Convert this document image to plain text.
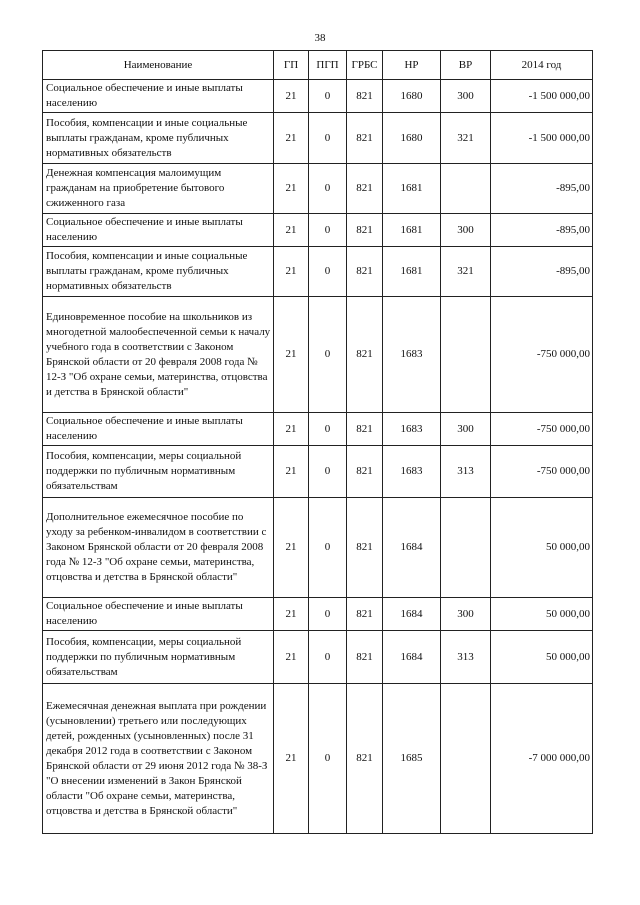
38
Наименование	ГП	ПГП	ГРБС	НР	ВР	2014 год
Социальное обеспечение и иные выплаты населению	21	0	821	1680	300	-1 500 000,00
Пособия, компенсации и иные социальные выплаты гражданам, кроме публичных нормативных обязательств	21	0	821	1680	321	-1 500 000,00
Денежная компенсация малоимущим гражданам на приобретение бытового сжиженного газа	21	0	821	1681		-895,00
Социальное обеспечение и иные выплаты населению	21	0	821	1681	300	-895,00
Пособия, компенсации и иные социальные выплаты гражданам, кроме публичных нормативных обязательств	21	0	821	1681	321	-895,00
Единовременное пособие на школьников из многодетной малообеспеченной семьи к началу учебного года в соответствии с Законом Брянской области от 20 февраля 2008 года № 12-З "Об охране семьи, материнства, отцовства и детства в Брянской области"	21	0	821	1683		-750 000,00
Социальное обеспечение и иные выплаты населению	21	0	821	1683	300	-750 000,00
Пособия, компенсации, меры социальной поддержки по публичным нормативным обязательствам	21	0	821	1683	313	-750 000,00
Дополнительное ежемесячное пособие по уходу за ребенком-инвалидом в соответствии с Законом Брянской области от 20 февраля 2008 года № 12-З "Об охране семьи, материнства, отцовства и детства в Брянской области"	21	0	821	1684		50 000,00
Социальное обеспечение и иные выплаты населению	21	0	821	1684	300	50 000,00
Пособия, компенсации, меры социальной поддержки по публичным нормативным обязательствам	21	0	821	1684	313	50 000,00
Ежемесячная денежная выплата при рождении (усыновлении) третьего или последующих детей, рожденных (усыновленных) после 31 декабря 2012 года в соответствии с Законом Брянской области от 29 июня 2012 года № 38-З "О внесении изменений в Закон Брянской области "Об охране семьи, материнства, отцовства и детства в Брянской области"	21	0	821	1685		-7 000 000,00
